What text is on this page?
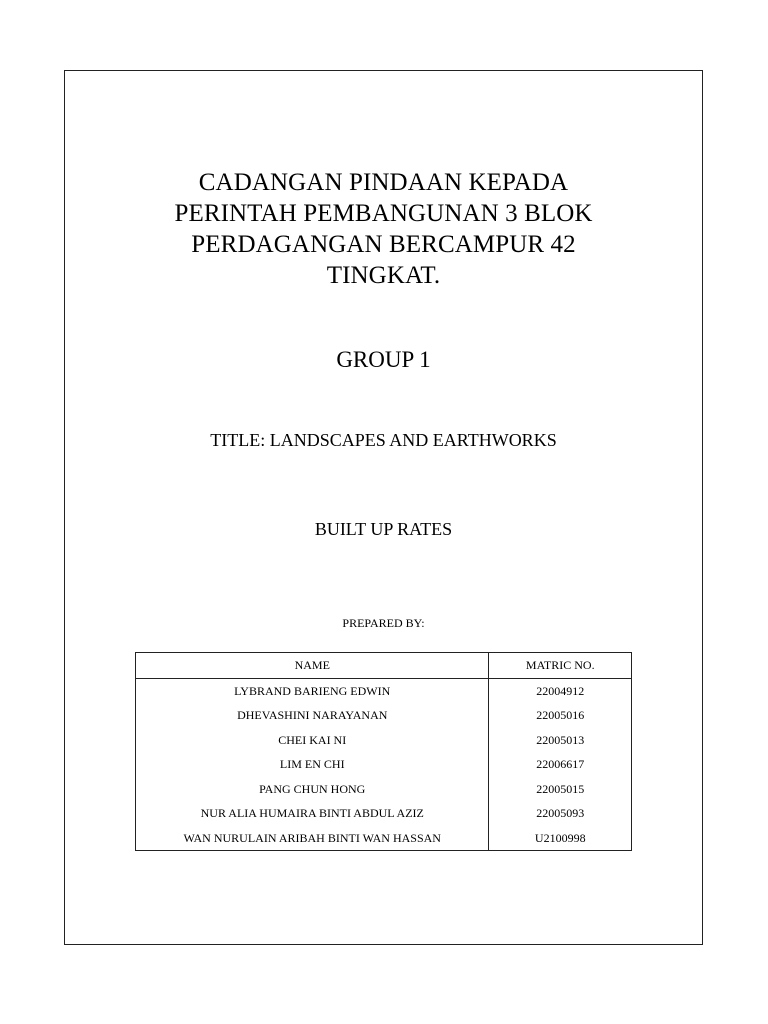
CADANGAN PINDAAN KEPADA
PERINTAH PEMBANGUNAN 3 BLOK
PERDAGANGAN BERCAMPUR 42
TINGKAT.
GROUP 1
TITLE: LANDSCAPES AND EARTHWORKS
BUILT UP RATES
PREPARED BY:
NAME	MATRIC NO.
LYBRAND BARIENG EDWIN	22004912
DHEVASHINI NARAYANAN	22005016
CHEI KAI NI	22005013
LIM EN CHI	22006617
PANG CHUN HONG	22005015
NUR ALIA HUMAIRA BINTI ABDUL AZIZ	22005093
WAN NURULAIN ARIBAH BINTI WAN HASSAN	U2100998
